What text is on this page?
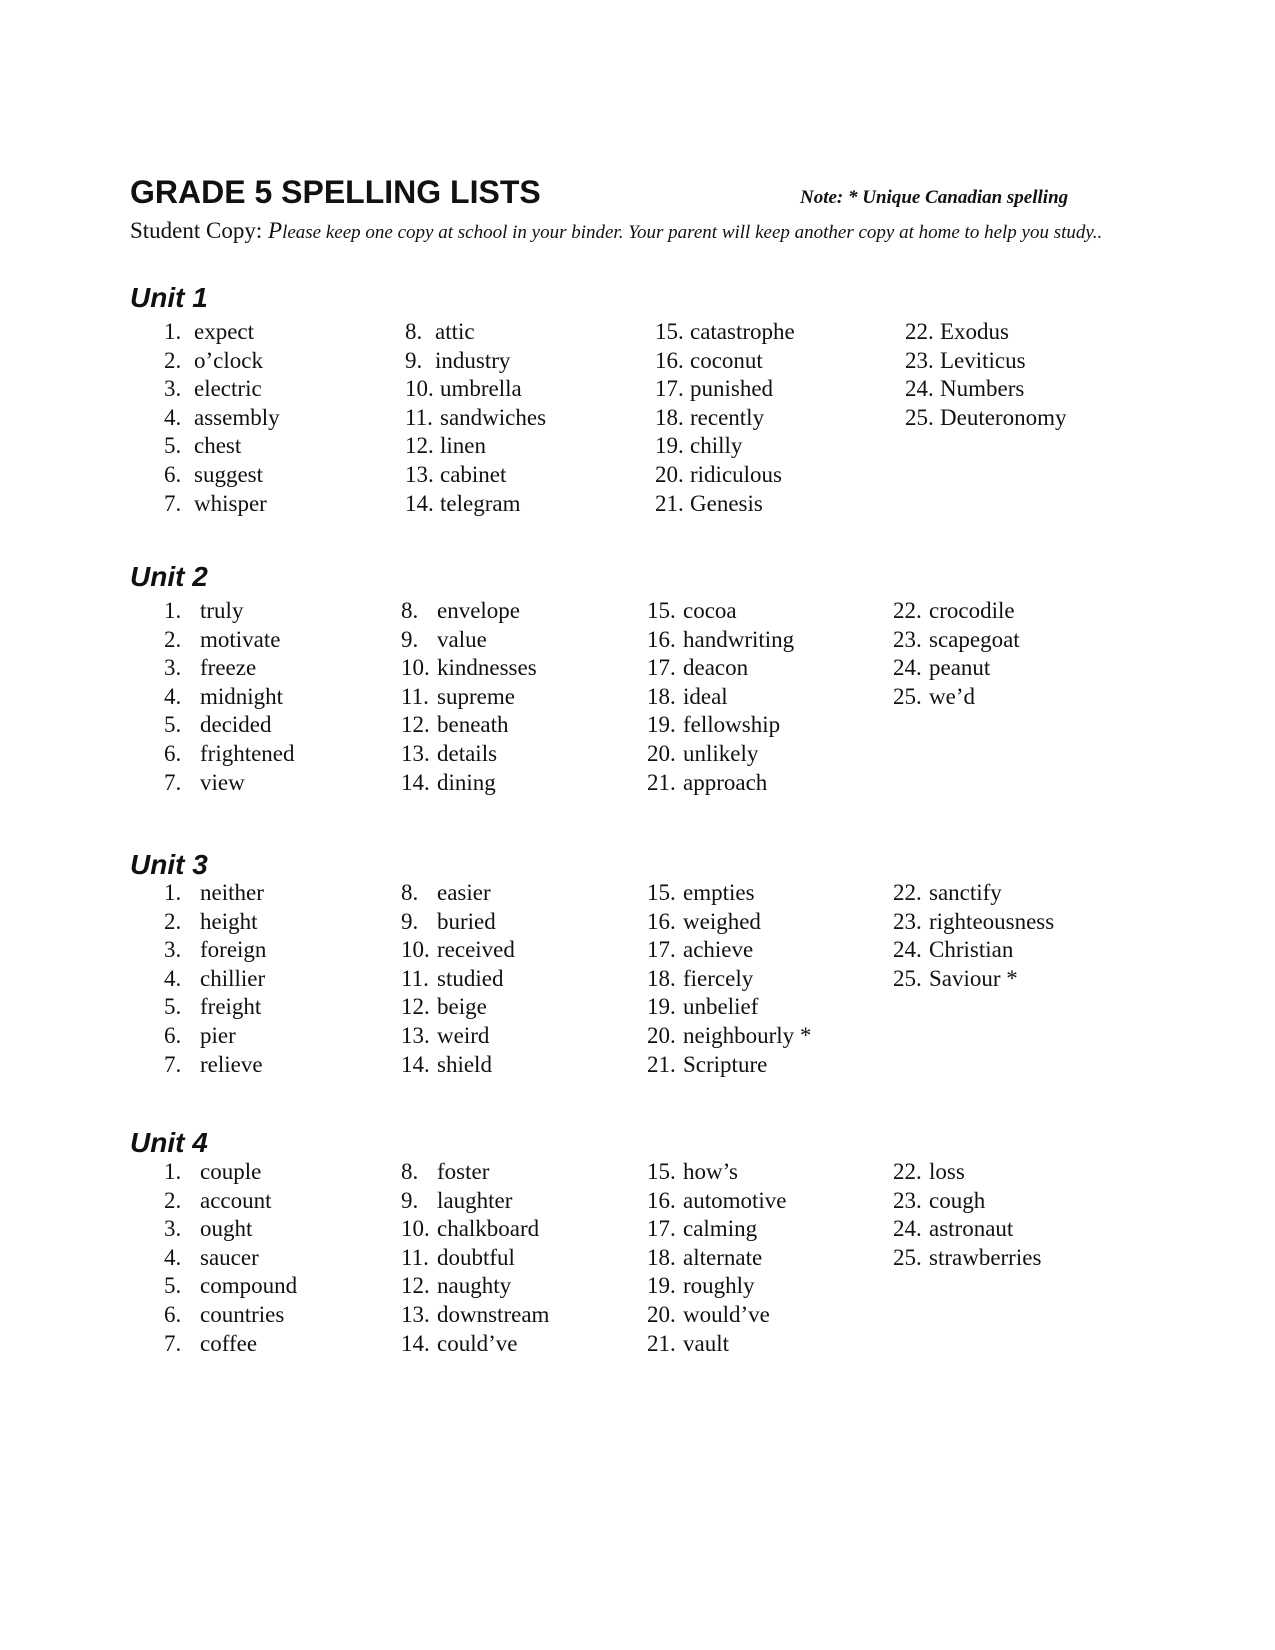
GRADE 5 SPELLING LISTS	Note: * Unique Canadian spelling

Student Copy: Please keep one copy at school in your binder. Your parent will keep another copy at home to help you study..

Unit 1
1. expect
2. o’clock
3. electric
4. assembly
5. chest
6. suggest
7. whisper
8. attic
9. industry
10. umbrella
11. sandwiches
12. linen
13. cabinet
14. telegram
15. catastrophe
16. coconut
17. punished
18. recently
19. chilly
20. ridiculous
21. Genesis
22. Exodus
23. Leviticus
24. Numbers
25. Deuteronomy
Unit 2
1. truly
2. motivate
3. freeze
4. midnight
5. decided
6. frightened
7. view
8. envelope
9. value
10. kindnesses
11. supreme
12. beneath
13. details
14. dining
15. cocoa
16. handwriting
17. deacon
18. ideal
19. fellowship
20. unlikely
21. approach
22. crocodile
23. scapegoat
24. peanut
25. we’d
Unit 3
1. neither
2. height
3. foreign
4. chillier
5. freight
6. pier
7. relieve
8. easier
9. buried
10. received
11. studied
12. beige
13. weird
14. shield
15. empties
16. weighed
17. achieve
18. fiercely
19. unbelief
20. neighbourly *
21. Scripture
22. sanctify
23. righteousness
24. Christian
25. Saviour *
Unit 4
1. couple
2. account
3. ought
4. saucer
5. compound
6. countries
7. coffee
8. foster
9. laughter
10. chalkboard
11. doubtful
12. naughty
13. downstream
14. could’ve
15. how’s
16. automotive
17. calming
18. alternate
19. roughly
20. would’ve
21. vault
22. loss
23. cough
24. astronaut
25. strawberries
